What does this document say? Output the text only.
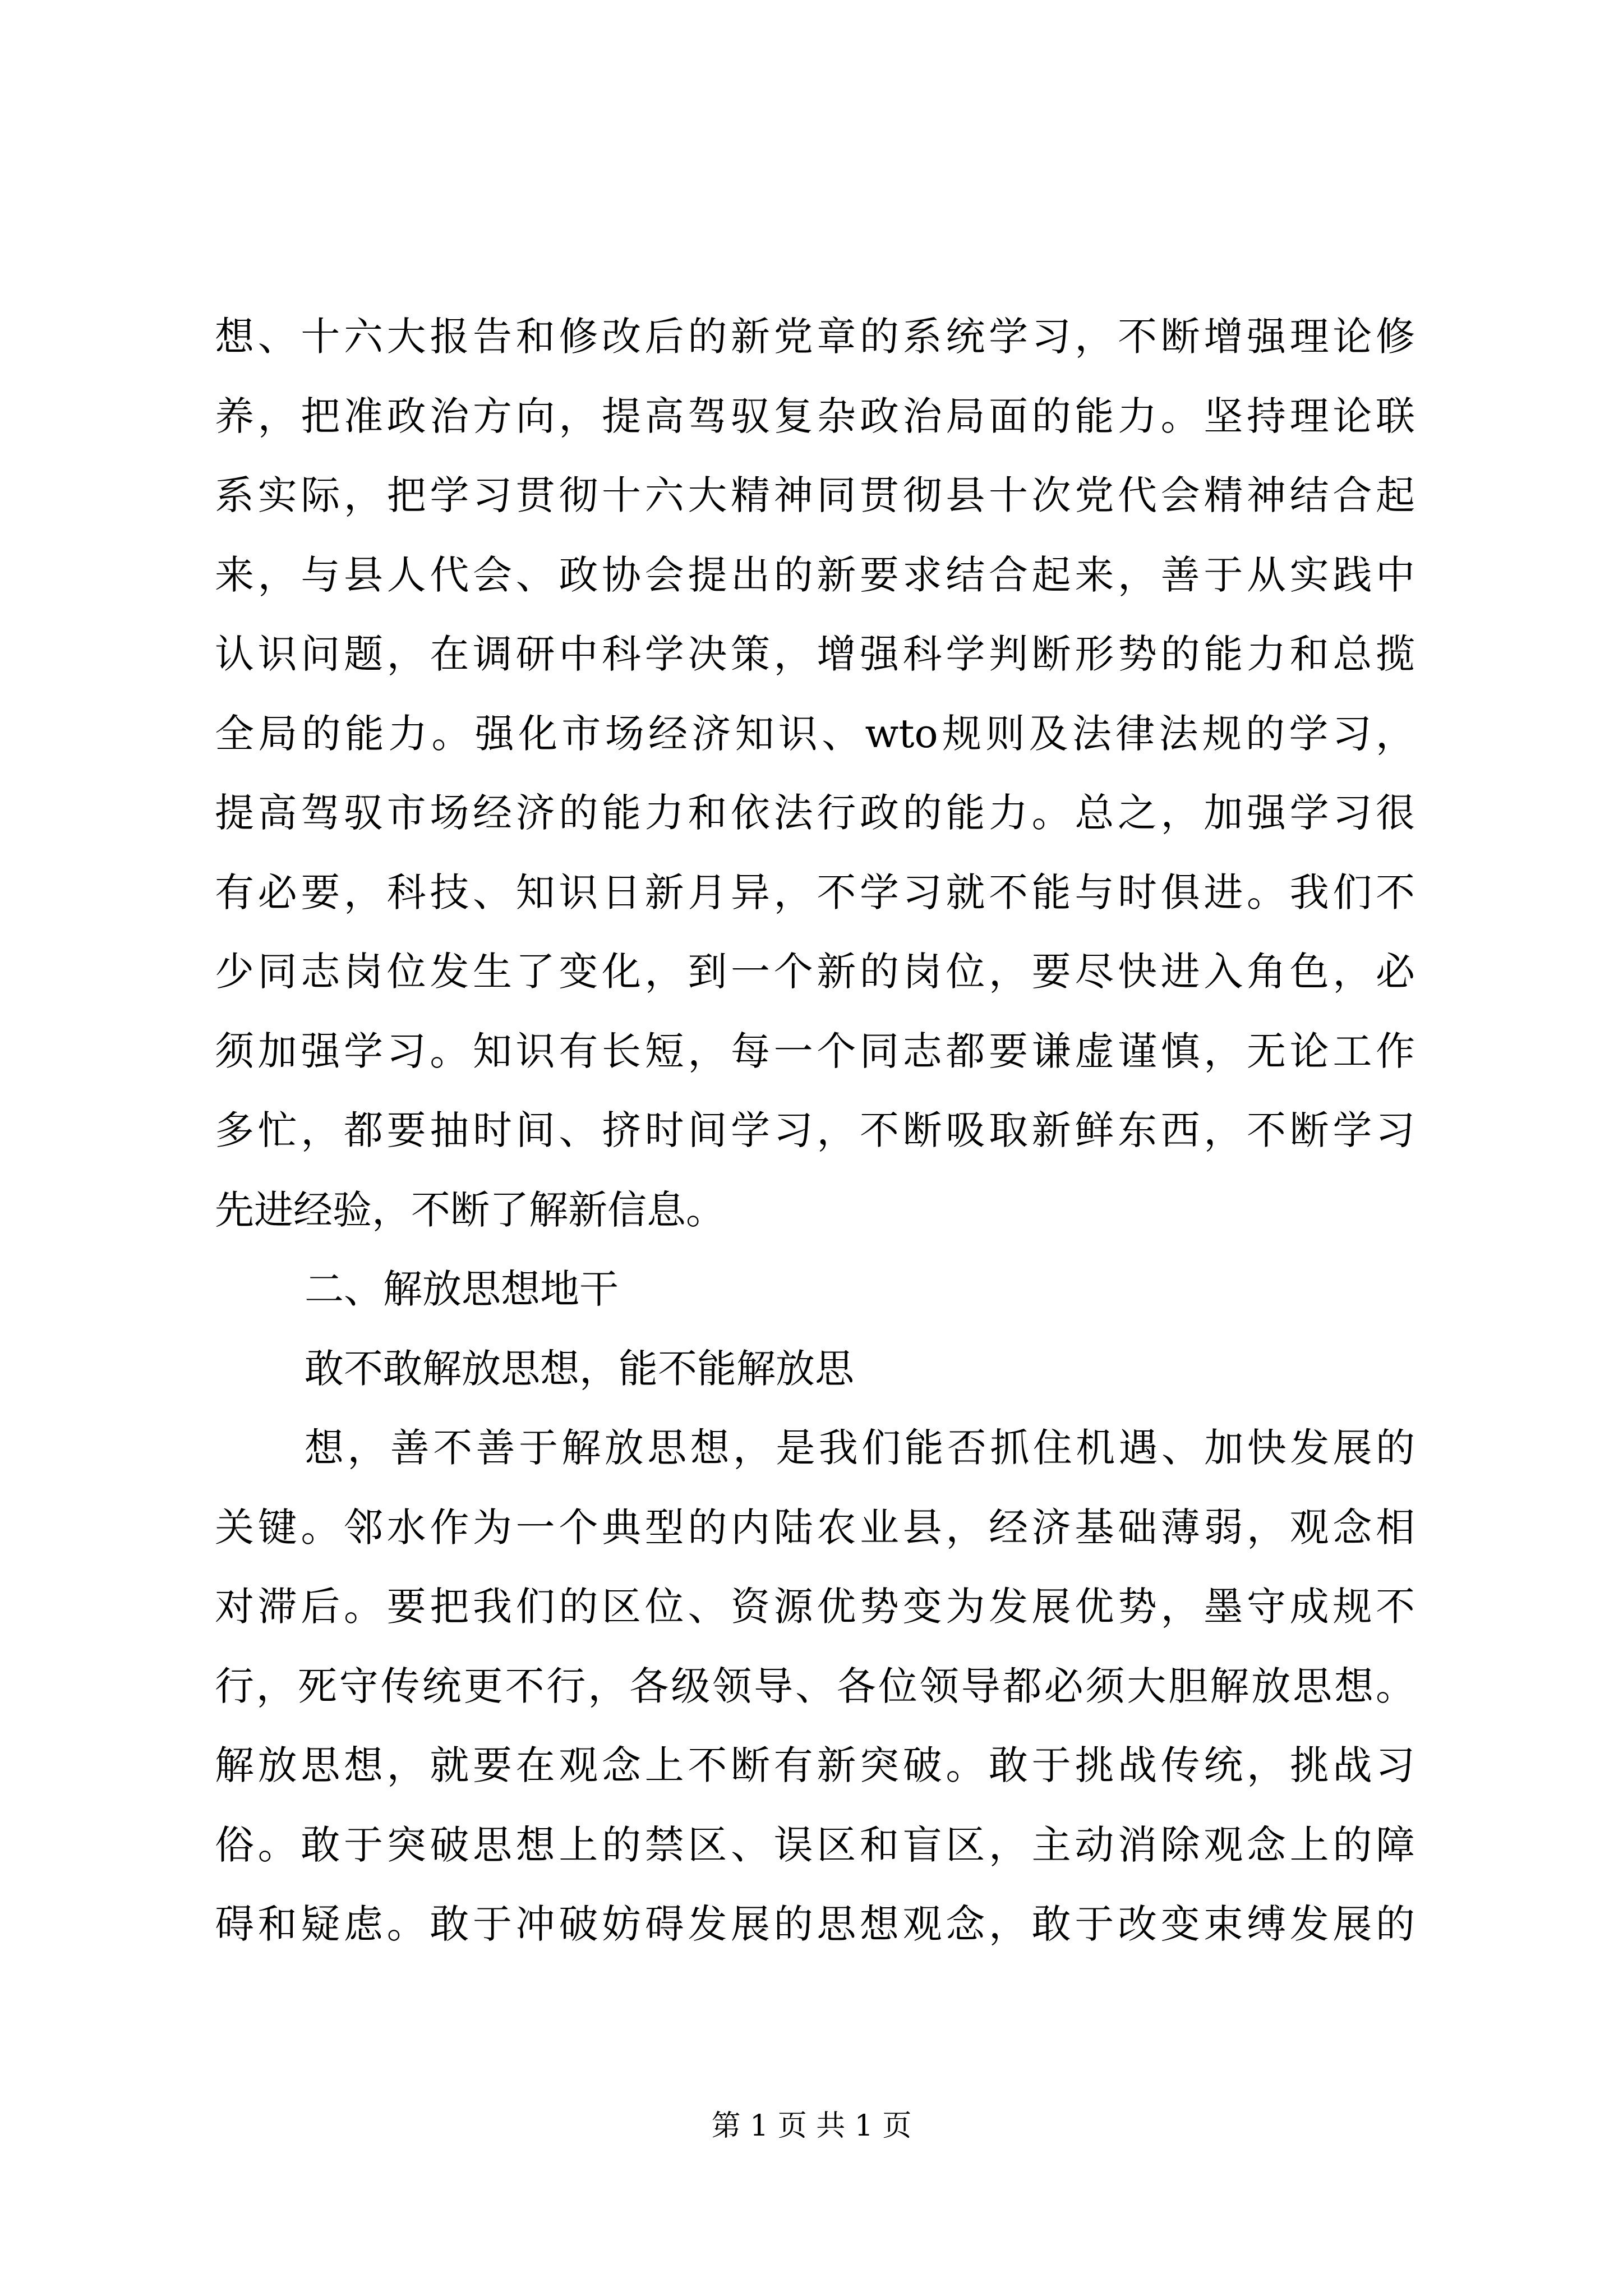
想、十六大报告和修改后的新党章的系统学习，不断增强理论修
养，把准政治方向，提高驾驭复杂政治局面的能力。坚持理论联
系实际，把学习贯彻十六大精神同贯彻县十次党代会精神结合起
来，与县人代会、政协会提出的新要求结合起来，善于从实践中
认识问题，在调研中科学决策，增强科学判断形势的能力和总揽
全局的能力。强化市场经济知识、wto规则及法律法规的学习，
提高驾驭市场经济的能力和依法行政的能力。总之，加强学习很
有必要，科技、知识日新月异，不学习就不能与时俱进。我们不
少同志岗位发生了变化，到一个新的岗位，要尽快进入角色，必
须加强学习。知识有长短，每一个同志都要谦虚谨慎，无论工作
多忙，都要抽时间、挤时间学习，不断吸取新鲜东西，不断学习
先进经验，不断了解新信息。
二、解放思想地干
敢不敢解放思想，能不能解放思
想，善不善于解放思想，是我们能否抓住机遇、加快发展的
关键。邻水作为一个典型的内陆农业县，经济基础薄弱，观念相
对滞后。要把我们的区位、资源优势变为发展优势，墨守成规不
行，死守传统更不行，各级领导、各位领导都必须大胆解放思想。
解放思想，就要在观念上不断有新突破。敢于挑战传统，挑战习
俗。敢于突破思想上的禁区、误区和盲区，主动消除观念上的障
碍和疑虑。敢于冲破妨碍发展的思想观念，敢于改变束缚发展的
第 1 页 共 1 页
